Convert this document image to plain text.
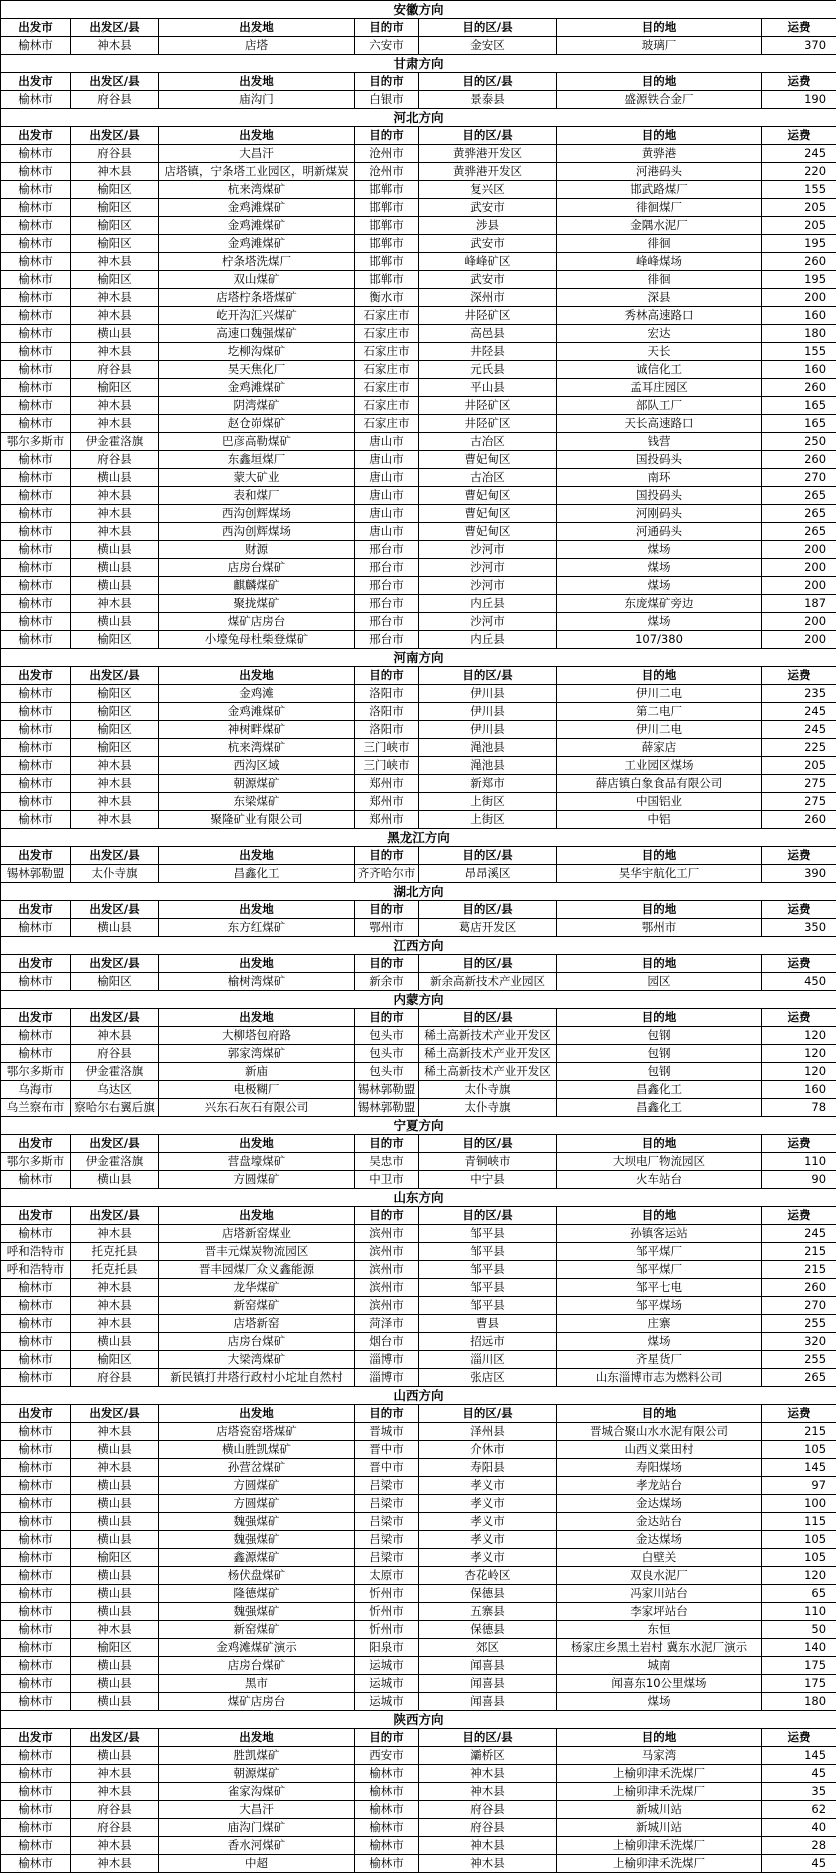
安徽方向						
出发市	出发区/县	出发地	目的市	目的区/县	目的地	运费
榆林市	神木县	店塔	六安市	金安区	玻璃厂	370
甘肃方向						
出发市	出发区/县	出发地	目的市	目的区/县	目的地	运费
榆林市	府谷县	庙沟门	白银市	景泰县	盛源铁合金厂	190
河北方向						
出发市	出发区/县	出发地	目的市	目的区/县	目的地	运费
榆林市	府谷县	大昌汗	沧州市	黄骅港开发区	黄骅港	245
榆林市	神木县	店塔镇，宁条塔工业园区，明新煤炭	沧州市	黄骅港开发区	河港码头	220
榆林市	榆阳区	杭来湾煤矿	邯郸市	复兴区	邯武路煤厂	155
榆林市	榆阳区	金鸡滩煤矿	邯郸市	武安市	徘徊煤厂	205
榆林市	榆阳区	金鸡滩煤矿	邯郸市	涉县	金隅水泥厂	205
榆林市	榆阳区	金鸡滩煤矿	邯郸市	武安市	徘徊	195
榆林市	神木县	柠条塔洗煤厂	邯郸市	峰峰矿区	峰峰煤场	260
榆林市	榆阳区	双山煤矿	邯郸市	武安市	徘徊	195
榆林市	神木县	店塔柠条塔煤矿	衡水市	深州市	深县	200
榆林市	神木县	屹开沟汇兴煤矿	石家庄市	井陉矿区	秀林高速路口	160
榆林市	横山县	高速口魏强煤矿	石家庄市	高邑县	宏达	180
榆林市	神木县	圪柳沟煤矿	石家庄市	井陉县	天长	155
榆林市	府谷县	昊天焦化厂	石家庄市	元氏县	诚信化工	160
榆林市	榆阳区	金鸡滩煤矿	石家庄市	平山县	孟耳庄园区	260
榆林市	神木县	阴湾煤矿	石家庄市	井陉矿区	部队工厂	165
榆林市	神木县	赵仓峁煤矿	石家庄市	井陉矿区	天长高速路口	165
鄂尔多斯市	伊金霍洛旗	巴彦高勒煤矿	唐山市	古冶区	钱营	250
榆林市	府谷县	东鑫垣煤厂	唐山市	曹妃甸区	国投码头	260
榆林市	横山县	蒙大矿业	唐山市	古冶区	南环	270
榆林市	神木县	表和煤厂	唐山市	曹妃甸区	国投码头	265
榆林市	神木县	西沟创辉煤场	唐山市	曹妃甸区	河刚码头	265
榆林市	神木县	西沟创辉煤场	唐山市	曹妃甸区	河通码头	265
榆林市	横山县	财源	邢台市	沙河市	煤场	200
榆林市	横山县	店房台煤矿	邢台市	沙河市	煤场	200
榆林市	横山县	麒麟煤矿	邢台市	沙河市	煤场	200
榆林市	神木县	聚拢煤矿	邢台市	内丘县	东庞煤矿旁边	187
榆林市	横山县	煤矿店房台	邢台市	沙河市	煤场	200
榆林市	榆阳区	小壕兔母杜柴登煤矿	邢台市	内丘县	107/380	200
河南方向						
出发市	出发区/县	出发地	目的市	目的区/县	目的地	运费
榆林市	榆阳区	金鸡滩	洛阳市	伊川县	伊川二电	235
榆林市	榆阳区	金鸡滩煤矿	洛阳市	伊川县	第二电厂	245
榆林市	榆阳区	神树畔煤矿	洛阳市	伊川县	伊川二电	245
榆林市	榆阳区	杭来湾煤矿	三门峡市	渑池县	薛家店	225
榆林市	神木县	西沟区域	三门峡市	渑池县	工业园区煤场	205
榆林市	神木县	朝源煤矿	郑州市	新郑市	薛店镇白象食品有限公司	275
榆林市	神木县	东梁煤矿	郑州市	上街区	中国铝业	275
榆林市	神木县	聚隆矿业有限公司	郑州市	上街区	中铝	260
黑龙江方向						
出发市	出发区/县	出发地	目的市	目的区/县	目的地	运费
锡林郭勒盟	太仆寺旗	昌鑫化工	齐齐哈尔市	昂昂溪区	昊华宇航化工厂	390
湖北方向						
出发市	出发区/县	出发地	目的市	目的区/县	目的地	运费
榆林市	横山县	东方红煤矿	鄂州市	葛店开发区	鄂州市	350
江西方向						
出发市	出发区/县	出发地	目的市	目的区/县	目的地	运费
榆林市	榆阳区	榆树湾煤矿	新余市	新余高新技术产业园区	园区	450
内蒙方向						
出发市	出发区/县	出发地	目的市	目的区/县	目的地	运费
榆林市	神木县	大柳塔包府路	包头市	稀土高新技术产业开发区	包钢	120
榆林市	府谷县	郭家湾煤矿	包头市	稀土高新技术产业开发区	包钢	120
鄂尔多斯市	伊金霍洛旗	新庙	包头市	稀土高新技术产业开发区	包钢	120
乌海市	乌达区	电极糊厂	锡林郭勒盟	太仆寺旗	昌鑫化工	160
乌兰察布市	察哈尔右翼后旗	兴东石灰石有限公司	锡林郭勒盟	太仆寺旗	昌鑫化工	78
宁夏方向						
出发市	出发区/县	出发地	目的市	目的区/县	目的地	运费
鄂尔多斯市	伊金霍洛旗	营盘壕煤矿	吴忠市	青铜峡市	大坝电厂物流园区	110
榆林市	横山县	方圆煤矿	中卫市	中宁县	火车站台	90
山东方向						
出发市	出发区/县	出发地	目的市	目的区/县	目的地	运费
榆林市	神木县	店塔新窑煤业	滨州市	邹平县	孙镇客运站	245
呼和浩特市	托克托县	晋丰元煤炭物流园区	滨州市	邹平县	邹平煤厂	215
呼和浩特市	托克托县	晋丰园煤厂众义鑫能源	滨州市	邹平县	邹平煤厂	215
榆林市	神木县	龙华煤矿	滨州市	邹平县	邹平七电	260
榆林市	神木县	新窑煤矿	滨州市	邹平县	邹平煤场	270
榆林市	神木县	店塔新窑	菏泽市	曹县	庄寨	255
榆林市	横山县	店房台煤矿	烟台市	招远市	煤场	320
榆林市	榆阳区	大梁湾煤矿	淄博市	淄川区	齐星货厂	255
榆林市	府谷县	新民镇打井塔行政村小坨址自然村	淄博市	张店区	山东淄博市志为燃料公司	265
山西方向						
出发市	出发区/县	出发地	目的市	目的区/县	目的地	运费
榆林市	神木县	店塔瓷窑塔煤矿	晋城市	泽州县	晋城合聚山水水泥有限公司	215
榆林市	横山县	横山胜凯煤矿	晋中市	介休市	山西义棠田村	105
榆林市	神木县	孙营岔煤矿	晋中市	寿阳县	寿阳煤场	145
榆林市	横山县	方圆煤矿	吕梁市	孝义市	孝龙站台	97
榆林市	横山县	方圆煤矿	吕梁市	孝义市	金达煤场	100
榆林市	横山县	魏强煤矿	吕梁市	孝义市	金达站台	115
榆林市	横山县	魏强煤矿	吕梁市	孝义市	金达煤场	105
榆林市	榆阳区	鑫源煤矿	吕梁市	孝义市	白壁关	105
榆林市	横山县	杨伏盘煤矿	太原市	杏花岭区	双良水泥厂	120
榆林市	横山县	隆德煤矿	忻州市	保德县	冯家川站台	65
榆林市	横山县	魏强煤矿	忻州市	五寨县	李家坪站台	110
榆林市	神木县	新窑煤矿	忻州市	保德县	东恒	50
榆林市	榆阳区	金鸡滩煤矿演示	阳泉市	郊区	杨家庄乡黑土岩村 冀东水泥厂演示	140
榆林市	横山县	店房台煤矿	运城市	闻喜县	城南	175
榆林市	横山县	黑市	运城市	闻喜县	闻喜东10公里煤场	175
榆林市	横山县	煤矿店房台	运城市	闻喜县	煤场	180
陕西方向						
出发市	出发区/县	出发地	目的市	目的区/县	目的地	运费
榆林市	横山县	胜凯煤矿	西安市	灞桥区	马家湾	145
榆林市	神木县	朝源煤矿	榆林市	神木县	上榆卯津禾洗煤厂	45
榆林市	神木县	雀家沟煤矿	榆林市	神木县	上榆卯津禾洗煤厂	35
榆林市	府谷县	大昌汗	榆林市	府谷县	新城川站	62
榆林市	府谷县	庙沟门煤矿	榆林市	府谷县	新城川站	40
榆林市	神木县	香水河煤矿	榆林市	神木县	上榆卯津禾洗煤厂	28
榆林市	神木县	中超	榆林市	神木县	上榆卯津禾洗煤厂	45
